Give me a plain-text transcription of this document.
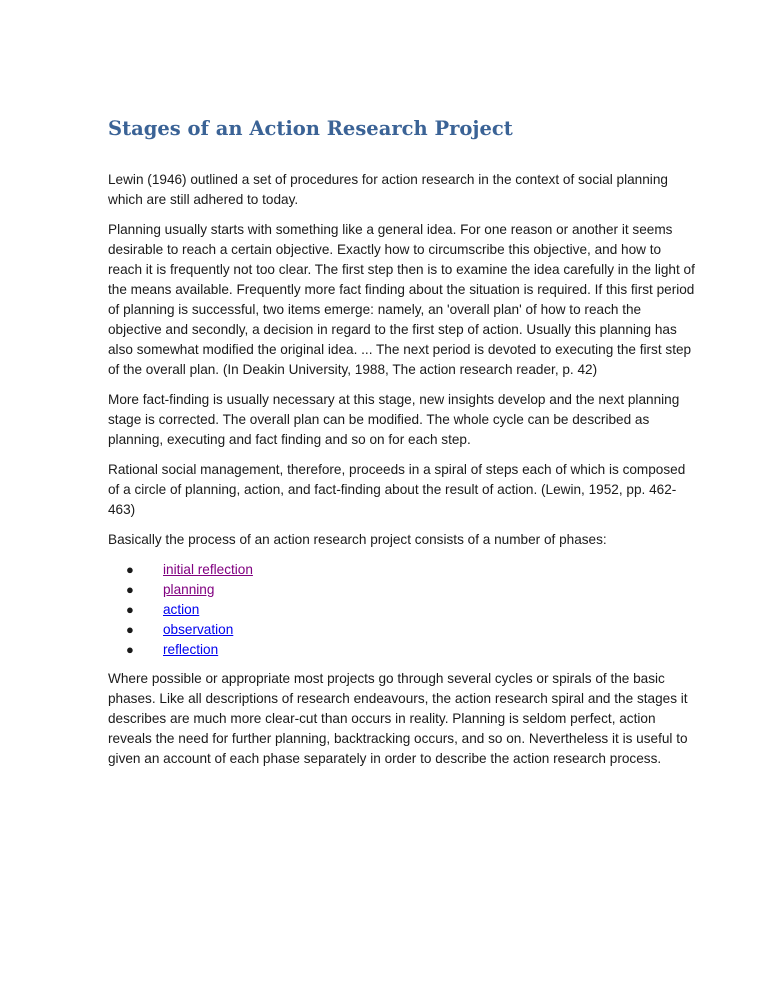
Stages of an Action Research Project

Lewin (1946) outlined a set of procedures for action research in the context of social planning which are still adhered to today.

Planning usually starts with something like a general idea. For one reason or another it seems desirable to reach a certain objective. Exactly how to circumscribe this objective, and how to reach it is frequently not too clear. The first step then is to examine the idea carefully in the light of the means available. Frequently more fact finding about the situation is required. If this first period of planning is successful, two items emerge: namely, an 'overall plan' of how to reach the objective and secondly, a decision in regard to the first step of action. Usually this planning has also somewhat modified the original idea. ... The next period is devoted to executing the first step of the overall plan. (In Deakin University, 1988, The action research reader, p. 42)

More fact-finding is usually necessary at this stage, new insights develop and the next planning stage is corrected. The overall plan can be modified. The whole cycle can be described as planning, executing and fact finding and so on for each step.

Rational social management, therefore, proceeds in a spiral of steps each of which is composed of a circle of planning, action, and fact-finding about the result of action. (Lewin, 1952, pp. 462-463)

Basically the process of an action research project consists of a number of phases:

● initial reflection
● planning
● action
● observation
● reflection

Where possible or appropriate most projects go through several cycles or spirals of the basic phases. Like all descriptions of research endeavours, the action research spiral and the stages it describes are much more clear-cut than occurs in reality. Planning is seldom perfect, action reveals the need for further planning, backtracking occurs, and so on. Nevertheless it is useful to given an account of each phase separately in order to describe the action research process.
